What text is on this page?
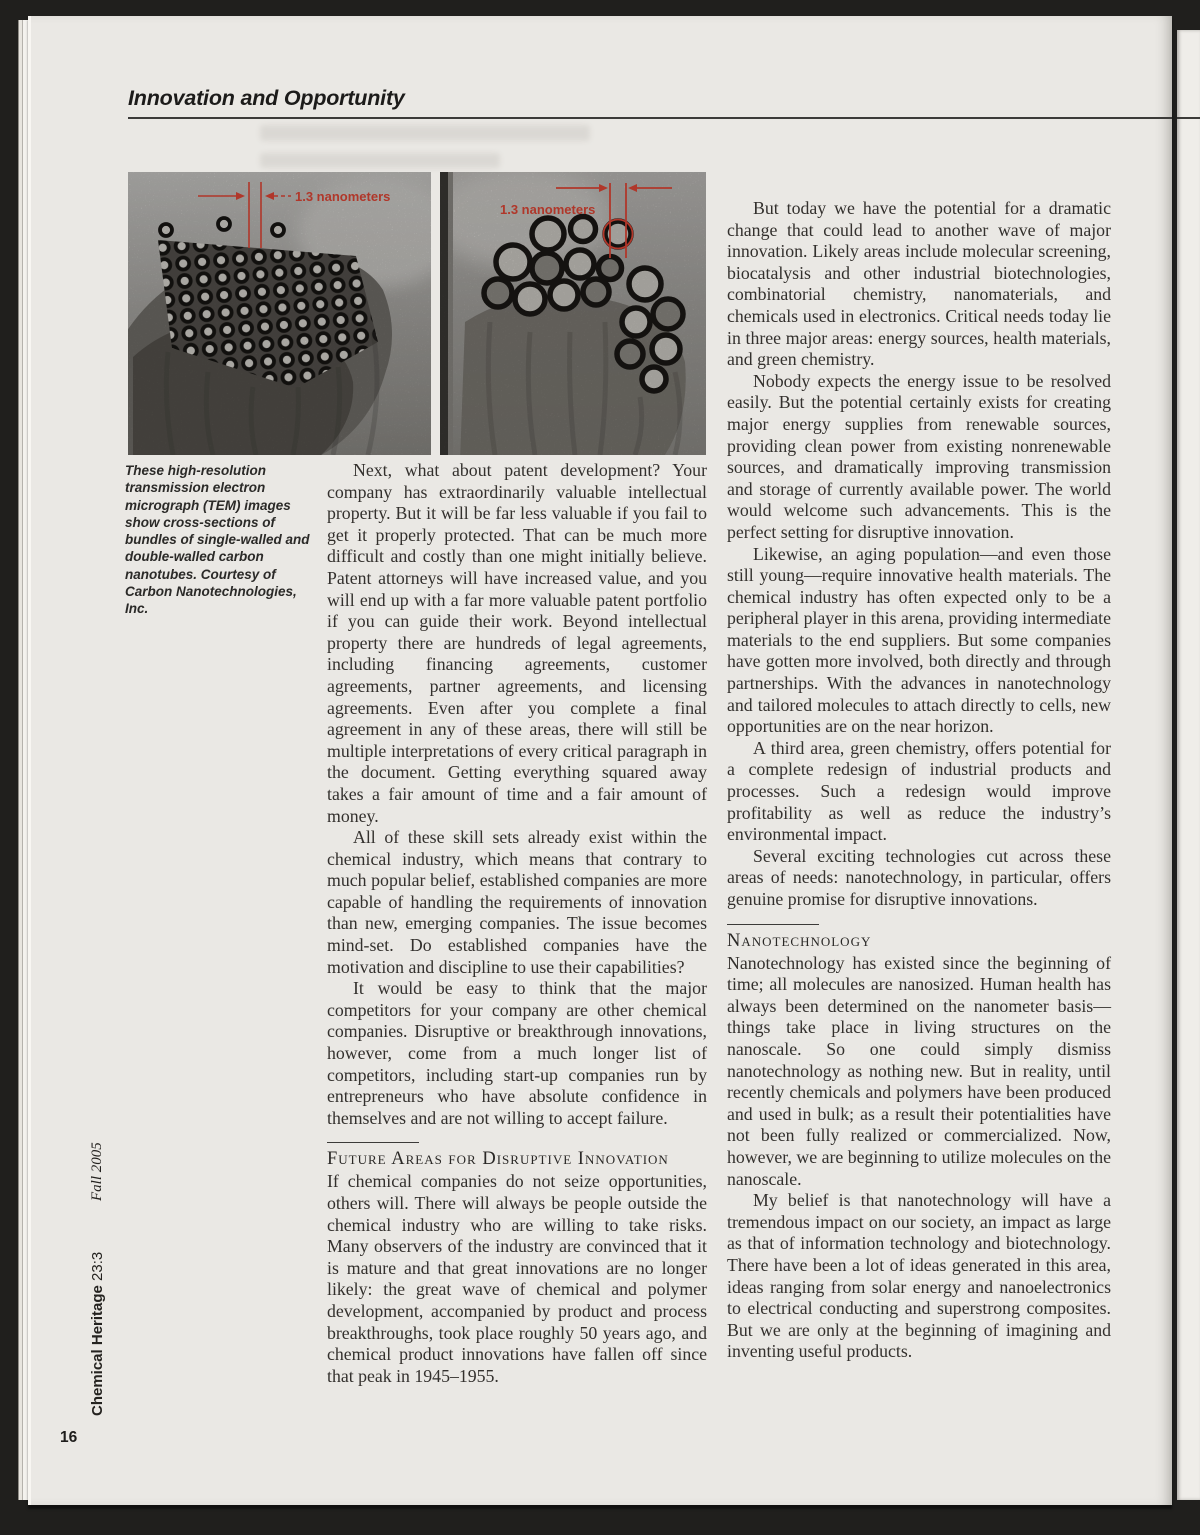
Innovation and Opportunity
1.3 nanometers
1.3 nanometers

These high-resolution transmission electron micrograph (TEM) images show cross-sections of bundles of single-walled and double-walled carbon nanotubes. Courtesy of Carbon Nanotechnologies, Inc.

Next, what about patent development? Your company has extraordinarily valuable intellectual property. But it will be far less valuable if you fail to get it properly protected. That can be much more difficult and costly than one might initially believe. Patent attorneys will have increased value, and you will end up with a far more valuable patent portfolio if you can guide their work. Beyond intellectual property there are hundreds of legal agreements, including financing agreements, customer agreements, partner agreements, and licensing agreements. Even after you complete a final agreement in any of these areas, there will still be multiple interpretations of every critical paragraph in the document. Getting everything squared away takes a fair amount of time and a fair amount of money.

All of these skill sets already exist within the chemical industry, which means that contrary to much popular belief, established companies are more capable of handling the requirements of innovation than new, emerging companies. The issue becomes mind-set. Do established companies have the motivation and discipline to use their capabilities?

It would be easy to think that the major competitors for your company are other chemical companies. Disruptive or breakthrough innovations, however, come from a much longer list of competitors, including start-up companies run by entrepreneurs who have absolute confidence in themselves and are not willing to accept failure.

Future Areas for Disruptive Innovation

If chemical companies do not seize opportunities, others will. There will always be people outside the chemical industry who are willing to take risks. Many observers of the industry are convinced that it is mature and that great innovations are no longer likely: the great wave of chemical and polymer development, accompanied by product and process breakthroughs, took place roughly 50 years ago, and chemical product innovations have fallen off since that peak in 1945–1955.

But today we have the potential for a dramatic change that could lead to another wave of major innovation. Likely areas include molecular screening, biocatalysis and other industrial biotechnologies, combinatorial chemistry, nanomaterials, and chemicals used in electronics. Critical needs today lie in three major areas: energy sources, health materials, and green chemistry.

Nobody expects the energy issue to be resolved easily. But the potential certainly exists for creating major energy supplies from renewable sources, providing clean power from existing nonrenewable sources, and dramatically improving transmission and storage of currently available power. The world would welcome such advancements. This is the perfect setting for disruptive innovation.

Likewise, an aging population—and even those still young—require innovative health materials. The chemical industry has often expected only to be a peripheral player in this arena, providing intermediate materials to the end suppliers. But some companies have gotten more involved, both directly and through partnerships. With the advances in nanotechnology and tailored molecules to attach directly to cells, new opportunities are on the near horizon.

A third area, green chemistry, offers potential for a complete redesign of industrial products and processes. Such a redesign would improve profitability as well as reduce the industry’s environmental impact.

Several exciting technologies cut across these areas of needs: nanotechnology, in particular, offers genuine promise for disruptive innovations.

Nanotechnology

Nanotechnology has existed since the beginning of time; all molecules are nanosized. Human health has always been determined on the nanometer basis—things take place in living structures on the nanoscale. So one could simply dismiss nanotechnology as nothing new. But in reality, until recently chemicals and polymers have been produced and used in bulk; as a result their potentialities have not been fully realized or commercialized. Now, however, we are beginning to utilize molecules on the nanoscale.

My belief is that nanotechnology will have a tremendous impact on our society, an impact as large as that of information technology and biotechnology. There have been a lot of ideas generated in this area, ideas ranging from solar energy and nanoelectronics to electrical conducting and superstrong composites. But we are only at the beginning of imagining and inventing useful products.

Fall 2005
Chemical Heritage 23:3
16
